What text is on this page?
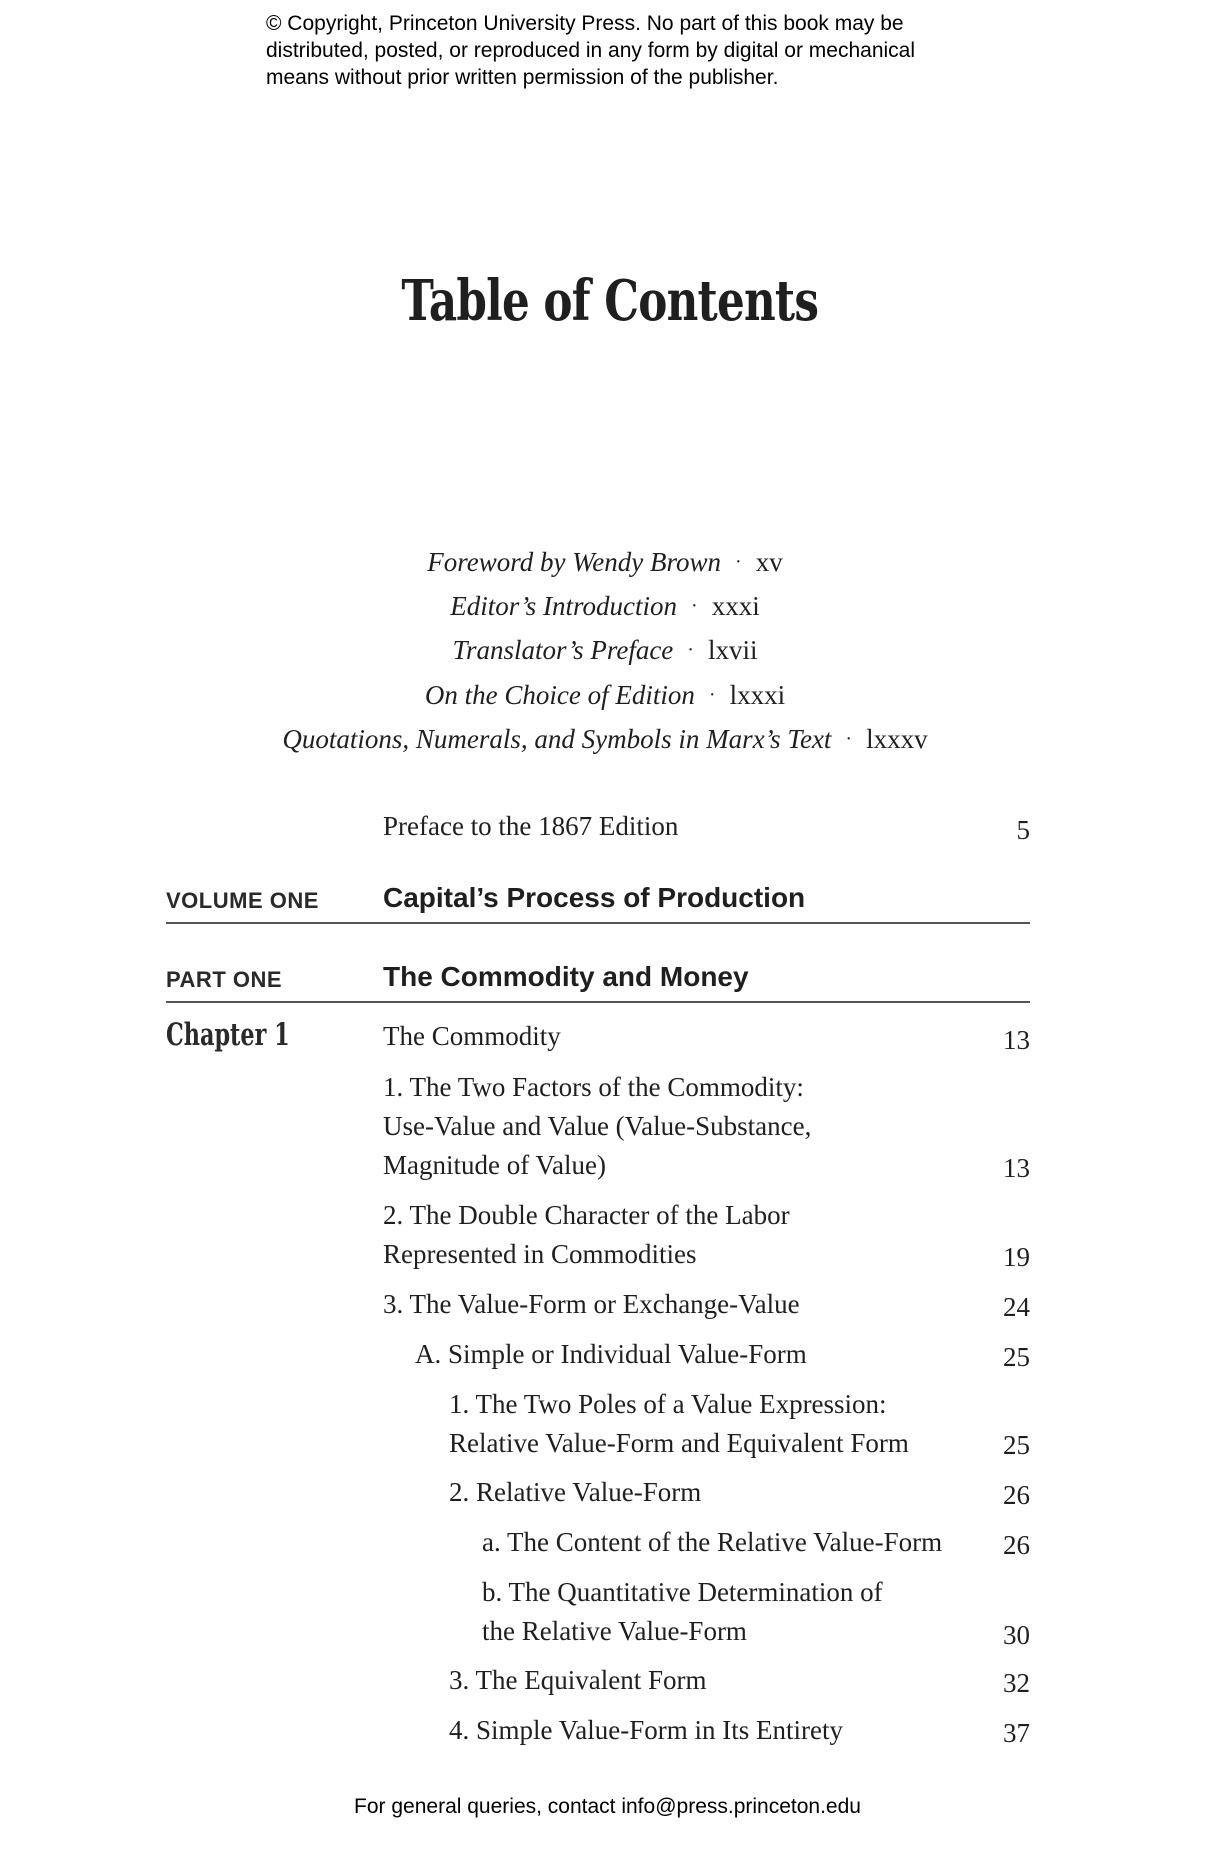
© Copyright, Princeton University Press. No part of this book may be
distributed, posted, or reproduced in any form by digital or mechanical
means without prior written permission of the publisher.
Table of Contents
Foreword by Wendy Brown · xv
Editor’s Introduction · xxxi
Translator’s Preface · lxvii
On the Choice of Edition · lxxxi
Quotations, Numerals, and Symbols in Marx’s Text · lxxxv
Preface to the 1867 Edition	5
VOLUME ONE Capital’s Process of Production
PART ONE	The Commodity and Money
Chapter 1	The Commodity	13
1. The Two Factors of the Commodity:
Use-Value and Value (Value-Substance,
Magnitude of Value)	13
2. The Double Character of the Labor
Represented in Commodities	19
3. The Value-Form or Exchange-Value	24
A. Simple or Individual Value-Form	25
1. The Two Poles of a Value Expression:
Relative Value-Form and Equivalent Form	25
2. Relative Value-Form	26
a. The Content of the Relative Value-Form 26
b. The Quantitative Determination of
the Relative Value-Form	30
3. The Equivalent Form	32
4. Simple Value-Form in Its Entirety	37
For general queries, contact info@press.princeton.edu
